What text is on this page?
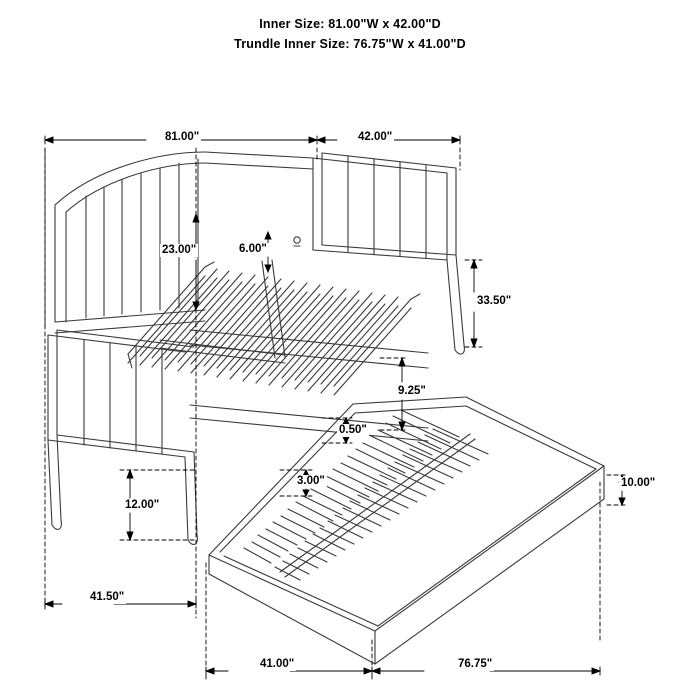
Inner Size: 81.00"W x 42.00"D
Trundle Inner Size: 76.75"W x 41.00"D
81.00"	42.00"
23.00"	6.00"
33.50"
9.25"
0.50"
3.00"	10.00"
12.00"
41.50"
41.00"	76.75"
